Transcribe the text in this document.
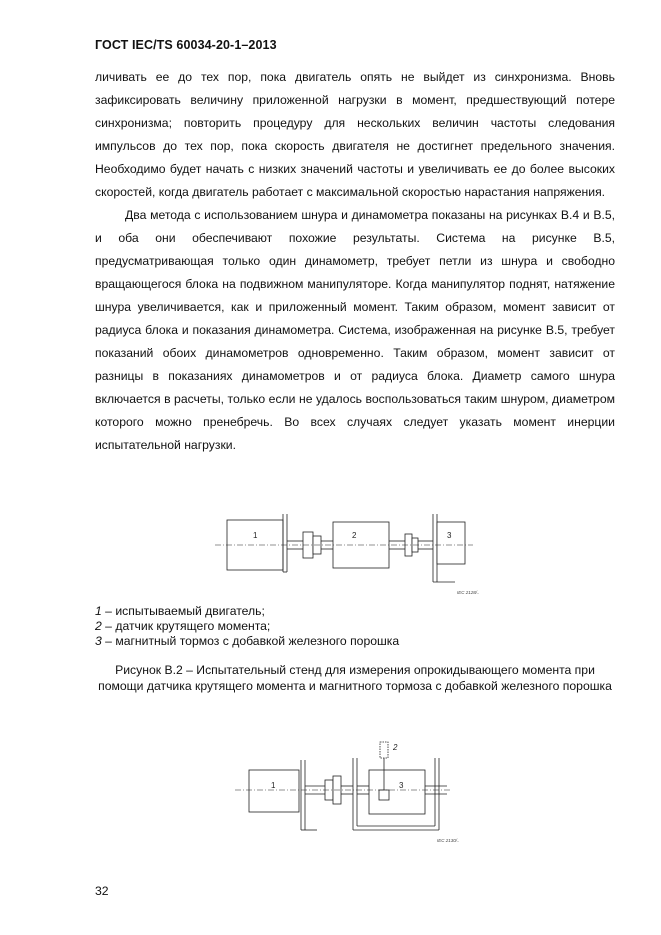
ГОСТ IEC/TS 60034-20-1–2013

личивать ее до тех пор, пока двигатель опять не выйдет из синхронизма. Вновь зафиксировать величину приложенной нагрузки в момент, предшествующий потере синхронизма; повторить процедуру для нескольких величин частоты следования импульсов до тех пор, пока скорость двигателя не достигнет предельного значения. Необходимо будет начать с низких значений частоты и увеличивать ее до более высоких скоростей, когда двигатель работает с максимальной скоростью нарастания напряжения.

Два метода с использованием шнура и динамометра показаны на рисунках В.4 и В.5, и оба они обеспечивают похожие результаты. Система на рисунке В.5, предусматривающая только один динамометр, требует петли из шнура и свободно вращающегося блока на подвижном манипуляторе. Когда манипулятор поднят, натяжение шнура увеличивается, как и приложенный момент. Таким образом, момент зависит от радиуса блока и показания динамометра. Система, изображенная на рисунке В.5, требует показаний обоих динамометров одновременно. Таким образом, момент зависит от разницы в показаниях динамометров и от радиуса блока. Диаметр самого шнура включается в расчеты, только если не удалось воспользоваться таким шнуром, диаметром которого можно пренебречь. Во всех случаях следует указать момент инерции испытательной нагрузки.

1	2	3
IEC 2128/..
1 – испытываемый двигатель;
2 – датчик крутящего момента;
3 – магнитный тормоз с добавкой железного порошка
Рисунок В.2 – Испытательный стенд для измерения опрокидывающего момента при помощи датчика крутящего момента и магнитного тормоза с добавкой железного порошка
1
2
3
IEC 2130/..
32
